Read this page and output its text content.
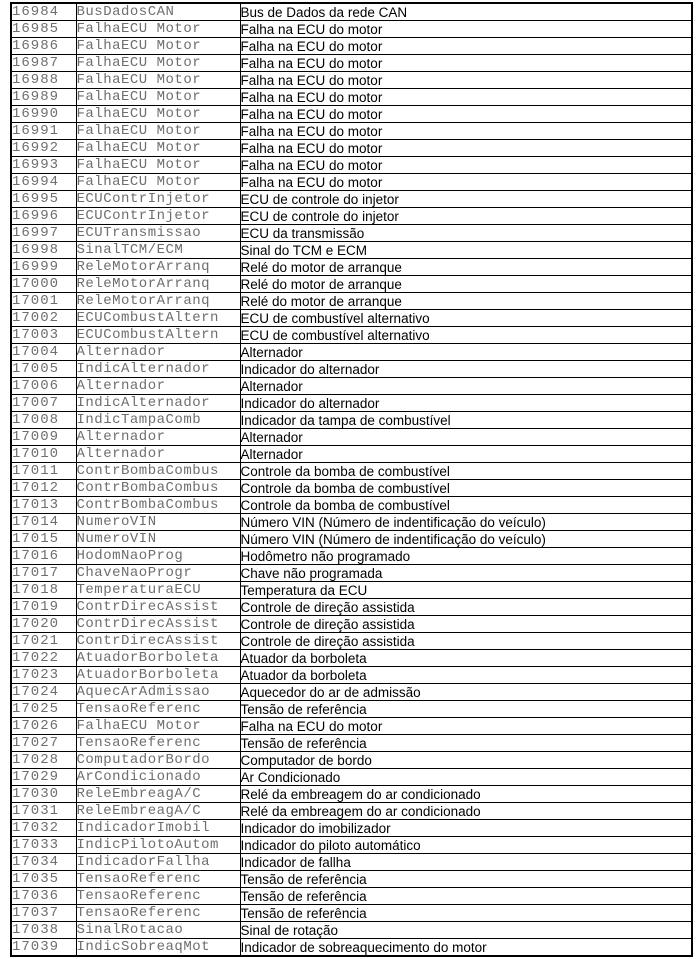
16984	BusDadosCAN	Bus de Dados da rede CAN
16985	FalhaECU Motor	Falha na ECU do motor
16986	FalhaECU Motor	Falha na ECU do motor
16987	FalhaECU Motor	Falha na ECU do motor
16988	FalhaECU Motor	Falha na ECU do motor
16989	FalhaECU Motor	Falha na ECU do motor
16990	FalhaECU Motor	Falha na ECU do motor
16991	FalhaECU Motor	Falha na ECU do motor
16992	FalhaECU Motor	Falha na ECU do motor
16993	FalhaECU Motor	Falha na ECU do motor
16994	FalhaECU Motor	Falha na ECU do motor
16995	ECUContrInjetor	ECU de controle do injetor
16996	ECUContrInjetor	ECU de controle do injetor
16997	ECUTransmissao	ECU da transmissão
16998	SinalTCM/ECM	Sinal do TCM e ECM
16999	ReleMotorArranq	Relé do motor de arranque
17000	ReleMotorArranq	Relé do motor de arranque
17001	ReleMotorArranq	Relé do motor de arranque
17002	ECUCombustAltern	ECU de combustível alternativo
17003	ECUCombustAltern	ECU de combustível alternativo
17004	Alternador	Alternador
17005	IndicAlternador	Indicador do alternador
17006	Alternador	Alternador
17007	IndicAlternador	Indicador do alternador
17008	IndicTampaComb	Indicador da tampa de combustível
17009	Alternador	Alternador
17010	Alternador	Alternador
17011	ContrBombaCombus	Controle da bomba de combustível
17012	ContrBombaCombus	Controle da bomba de combustível
17013	ContrBombaCombus	Controle da bomba de combustível
17014	NumeroVIN	Número VIN (Número de indentificação do veículo)
17015	NumeroVIN	Número VIN (Número de indentificação do veículo)
17016	HodomNaoProg	Hodômetro não programado
17017	ChaveNaoProgr	Chave não programada
17018	TemperaturaECU	Temperatura da ECU
17019	ContrDirecAssist	Controle de direção assistida
17020	ContrDirecAssist	Controle de direção assistida
17021	ContrDirecAssist	Controle de direção assistida
17022	AtuadorBorboleta	Atuador da borboleta
17023	AtuadorBorboleta	Atuador da borboleta
17024	AquecArAdmissao	Aquecedor do ar de admissão
17025	TensaoReferenc	Tensão de referência
17026	FalhaECU Motor	Falha na ECU do motor
17027	TensaoReferenc	Tensão de referência
17028	ComputadorBordo	Computador de bordo
17029	ArCondicionado	Ar Condicionado
17030	ReleEmbreagA/C	Relé da embreagem do ar condicionado
17031	ReleEmbreagA/C	Relé da embreagem do ar condicionado
17032	IndicadorImobil	Indicador do imobilizador
17033	IndicPilotoAutom	Indicador do piloto automático
17034	IndicadorFallha	Indicador de fallha
17035	TensaoReferenc	Tensão de referência
17036	TensaoReferenc	Tensão de referência
17037	TensaoReferenc	Tensão de referência
17038	SinalRotacao	Sinal de rotação
17039	IndicSobreaqMot	Indicador de sobreaquecimento do motor
